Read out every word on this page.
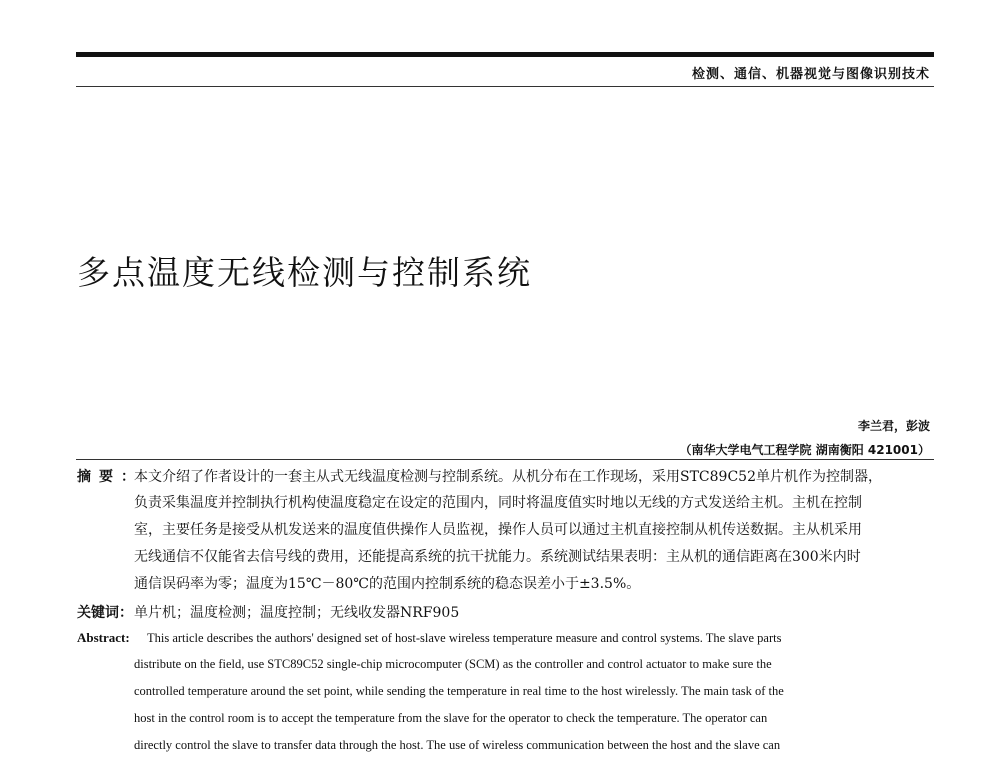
检测、通信、机器视觉与图像识别技术
多点温度无线检测与控制系统
李兰君，彭波
（南华大学电气工程学院 湖南衡阳 421001）
摘要：
本文介绍了作者设计的一套主从式无线温度检测与控制系统。从机分布在工作现场，采用STC89C52单片机作为控制器，
负责采集温度并控制执行机构使温度稳定在设定的范围内，同时将温度值实时地以无线的方式发送给主机。主机在控制
室，主要任务是接受从机发送来的温度值供操作人员监视，操作人员可以通过主机直接控制从机传送数据。主从机采用
无线通信不仅能省去信号线的费用，还能提高系统的抗干扰能力。系统测试结果表明：主从机的通信距离在300米内时
通信误码率为零；温度为15℃－80℃的范围内控制系统的稳态误差小于±3.5%。
关键词： 单片机；温度检测；温度控制；无线收发器NRF905
Abstract: This article describes the authors' designed set of host-slave wireless temperature measure and control systems. The slave parts
distribute on the field, use STC89C52 single-chip microcomputer (SCM) as the controller and control actuator to make sure the
controlled temperature around the set point, while sending the temperature in real time to the host wirelessly. The main task of the
host in the control room is to accept the temperature from the slave for the operator to check the temperature. The operator can
directly control the slave to transfer data through the host. The use of wireless communication between the host and the slave can
